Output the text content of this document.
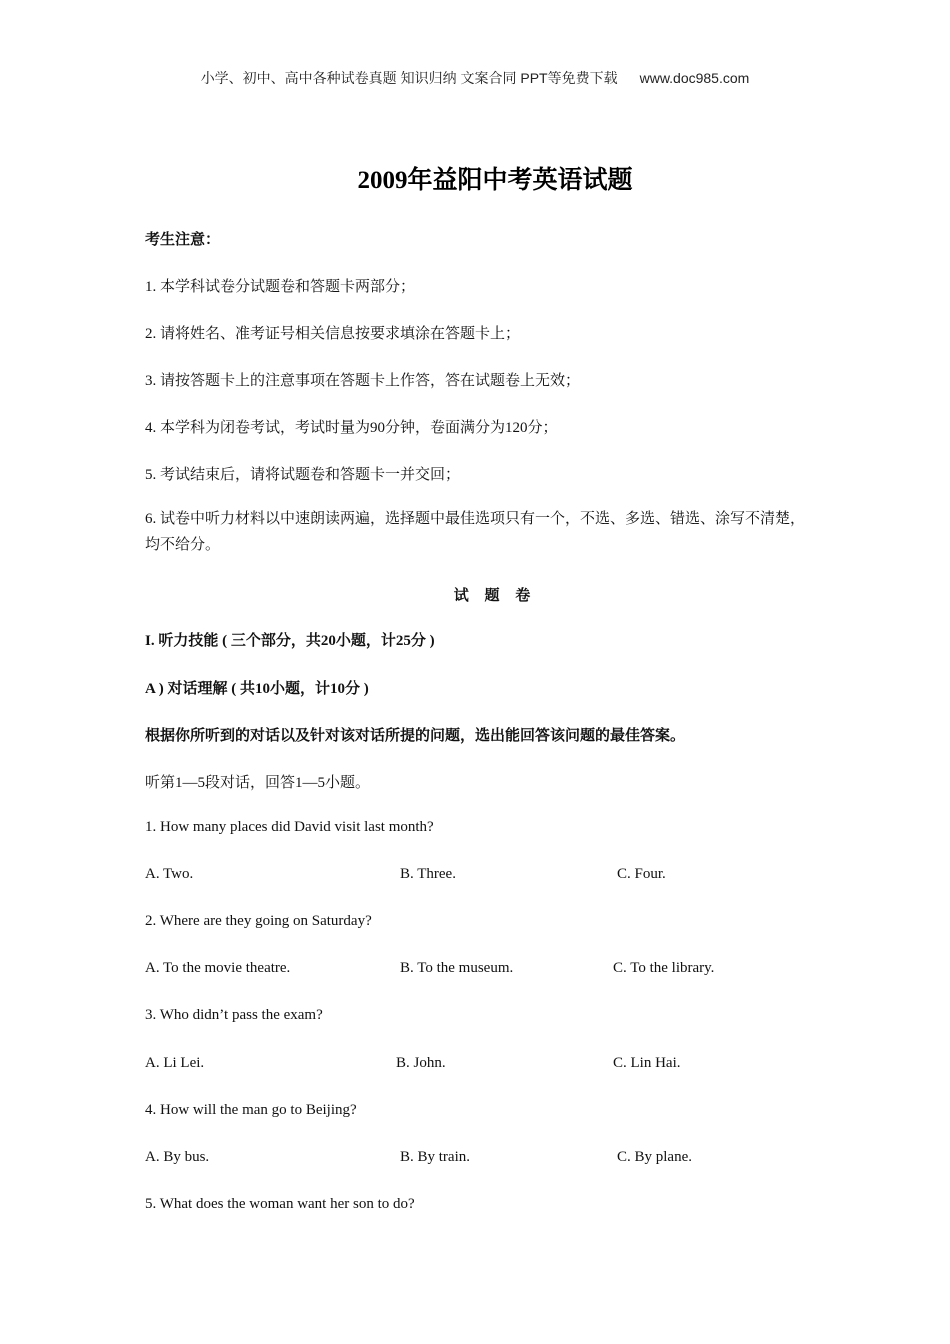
小学、初中、高中各种试卷真题 知识归纳 文案合同 PPT等免费下载 www.doc985.com
2009年益阳中考英语试题
考生注意：
1. 本学科试卷分试题卷和答题卡两部分；
2. 请将姓名、准考证号相关信息按要求填涂在答题卡上；
3. 请按答题卡上的注意事项在答题卡上作答，答在试题卷上无效；
4. 本学科为闭卷考试，考试时量为90分钟，卷面满分为120分；
5. 考试结束后，请将试题卷和答题卡一并交回；
6. 试卷中听力材料以中速朗读两遍，选择题中最佳选项只有一个，不选、多选、错选、涂写不清楚，均不给分。
试 题 卷
I. 听力技能 ( 三个部分，共20小题，计25分 )
A ) 对话理解 ( 共10小题，计10分 )
根据你所听到的对话以及针对该对话所提的问题，选出能回答该问题的最佳答案。
听第1—5段对话，回答1—5小题。
1. How many places did David visit last month?
A. Two.	B. Three.	C. Four.
2. Where are they going on Saturday?
A. To the movie theatre.	B. To the museum.	C. To the library.
3. Who didn’t pass the exam?
A. Li Lei.	B. John.	C. Lin Hai.
4. How will the man go to Beijing?
A. By bus.	B. By train.	C. By plane.
5. What does the woman want her son to do?
